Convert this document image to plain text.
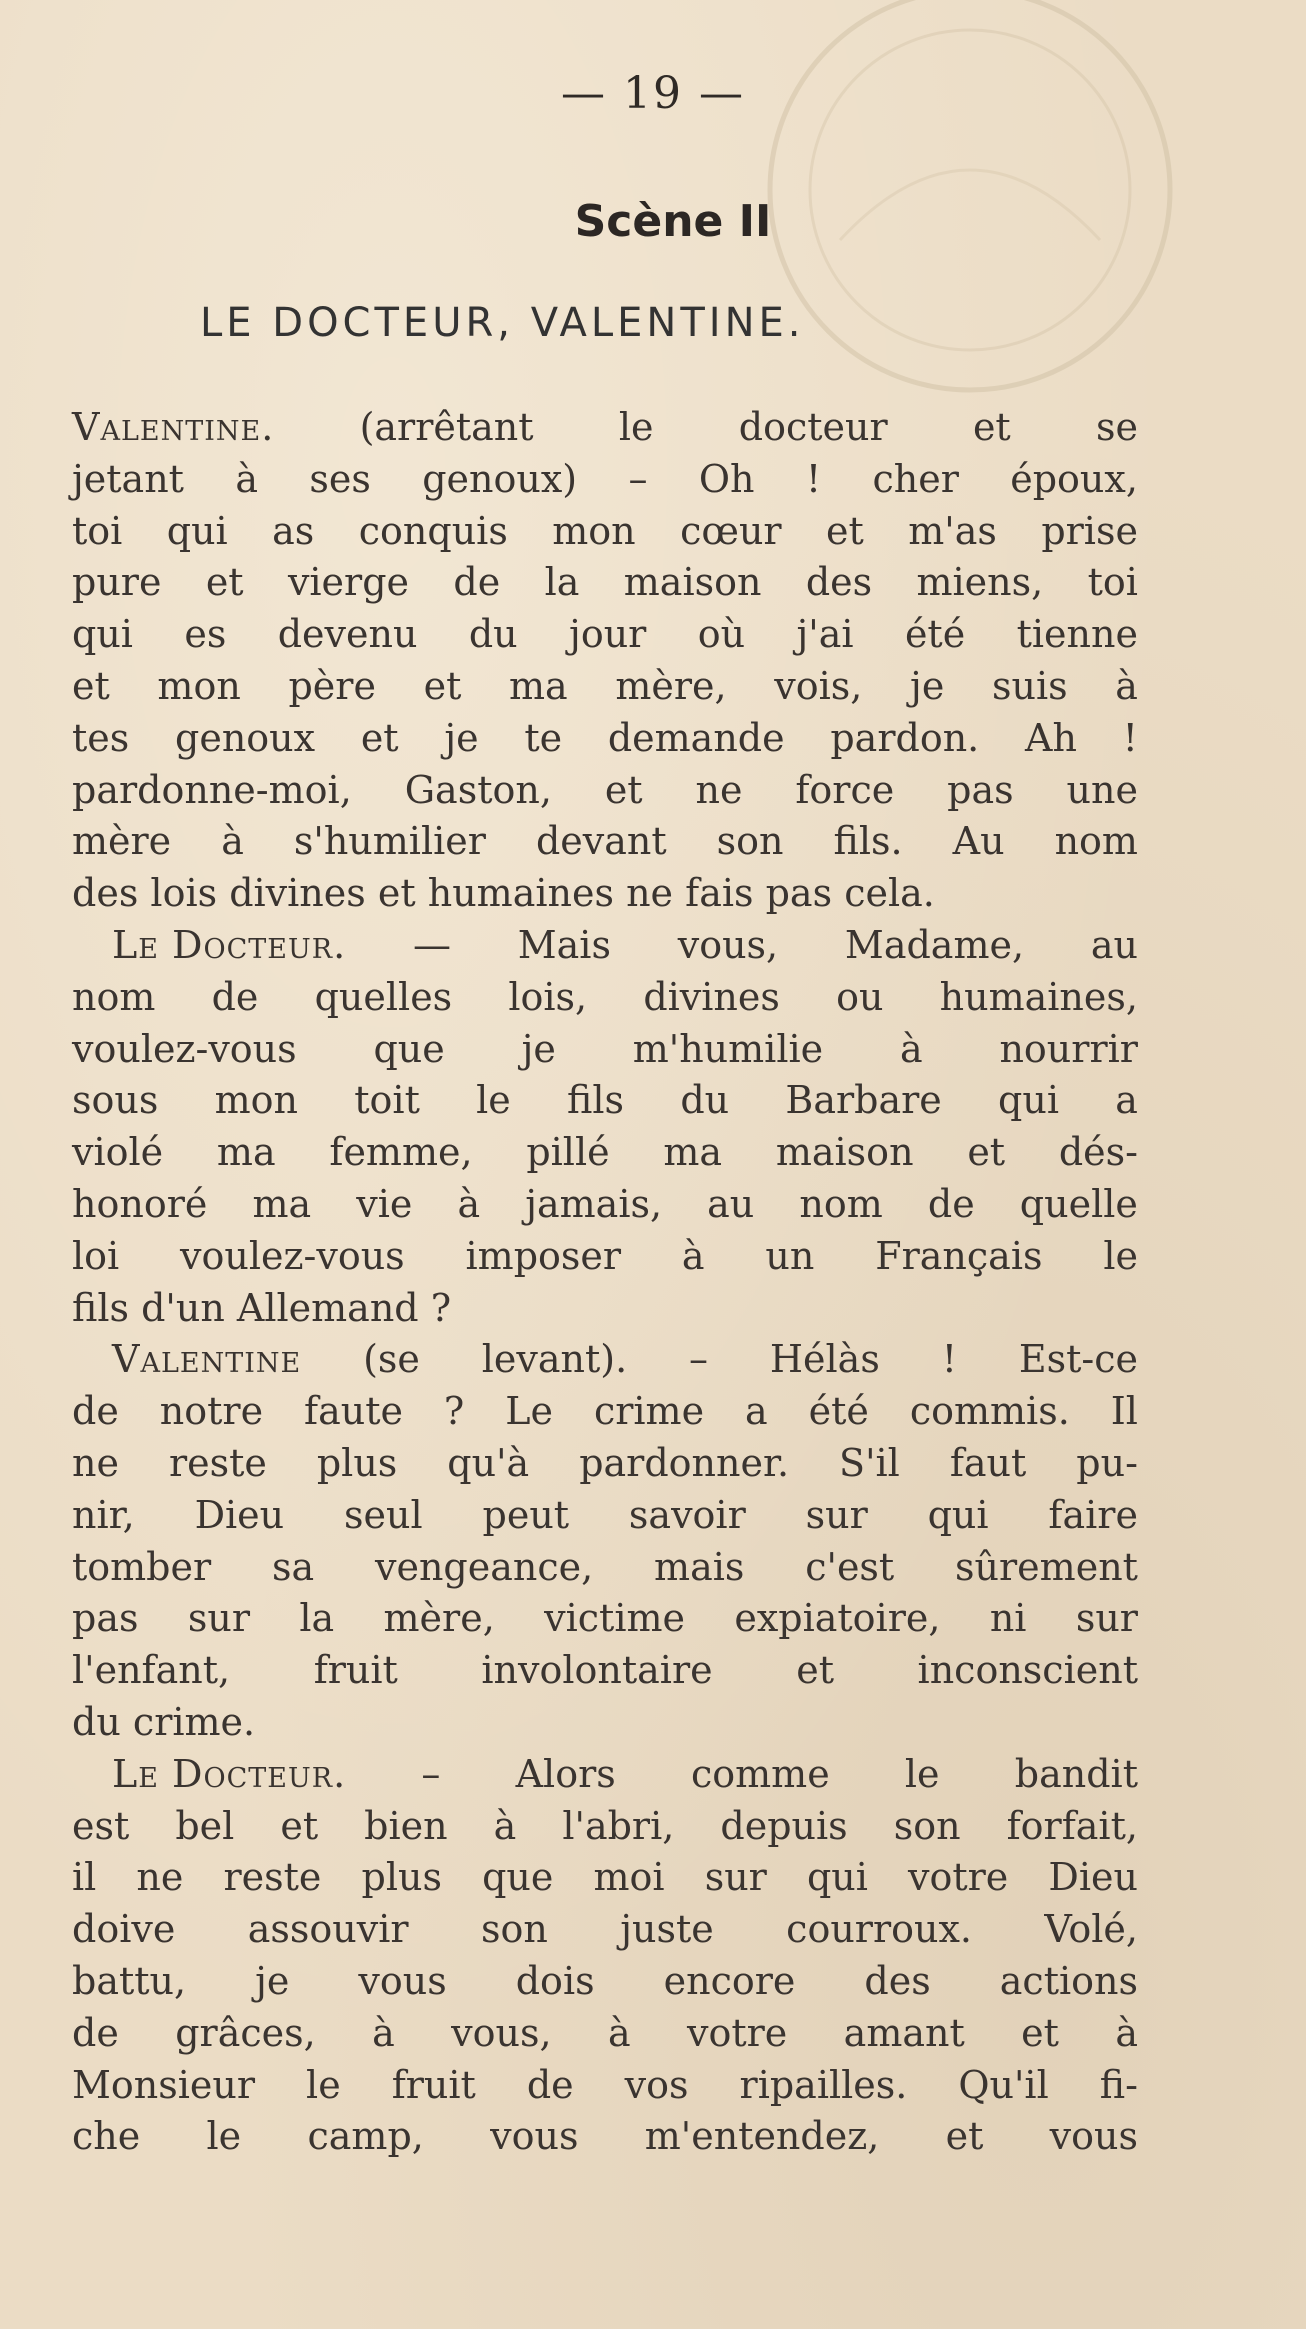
— 19 —
Scène II
LE DOCTEUR, VALENTINE.
Valentine. (arrêtant le docteur et se
jetant à ses genoux) – Oh ! cher époux,
toi qui as conquis mon cœur et m'as prise
pure et vierge de la maison des miens, toi
qui es devenu du jour où j'ai été tienne
et mon père et ma mère, vois, je suis à
tes genoux et je te demande pardon. Ah !
pardonne-moi, Gaston, et ne force pas une
mère à s'humilier devant son fils. Au nom
des
lois
divines
et
humaines
ne
fais
pas
cela.
Le Docteur. — Mais vous, Madame, au
nom de quelles lois, divines ou humaines,
voulez-vous que je m'humilie à nourrir
sous mon toit le fils du Barbare qui a
violé ma femme, pillé ma maison et dés-
honoré ma vie à jamais, au nom de quelle
loi voulez-vous imposer à un Français le
fils
d'un
Allemand
?
Valentine (se levant). – Hélàs ! Est-ce
de notre faute ? Le crime a été commis. Il
ne reste plus qu'à pardonner. S'il faut pu-
nir, Dieu seul peut savoir sur qui faire
tomber sa vengeance, mais c'est sûrement
pas sur la mère, victime expiatoire, ni sur
l'enfant, fruit involontaire et inconscient
du
crime.
Le Docteur. – Alors comme le bandit
est bel et bien à l'abri, depuis son forfait,
il ne reste plus que moi sur qui votre Dieu
doive assouvir son juste courroux. Volé,
battu, je vous dois encore des actions
de grâces, à vous, à votre amant et à
Monsieur le fruit de vos ripailles. Qu'il fi-
che le camp, vous m'entendez, et vous
